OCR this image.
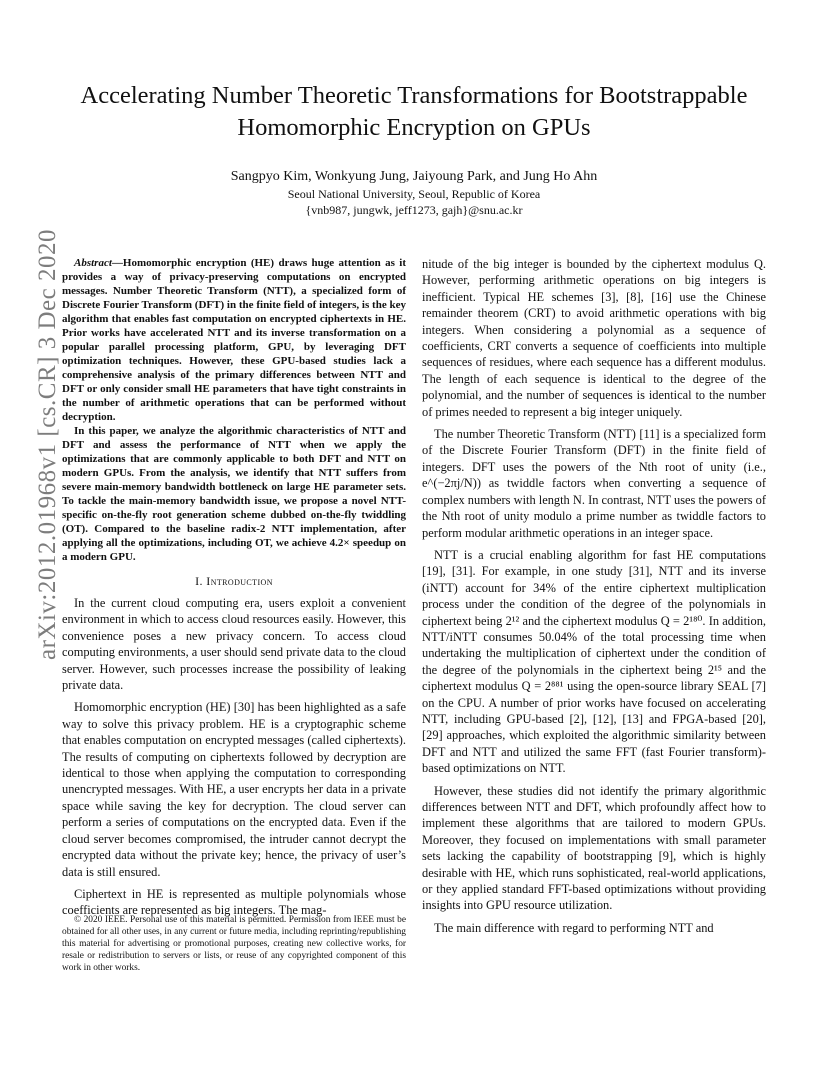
arXiv:2012.01968v1 [cs.CR] 3 Dec 2020
Accelerating Number Theoretic Transformations for Bootstrappable Homomorphic Encryption on GPUs
Sangpyo Kim, Wonkyung Jung, Jaiyoung Park, and Jung Ho Ahn
Seoul National University, Seoul, Republic of Korea
{vnb987, jungwk, jeff1273, gajh}@snu.ac.kr

Abstract—Homomorphic encryption (HE) draws huge attention as it provides a way of privacy-preserving computations on encrypted messages. Number Theoretic Transform (NTT), a specialized form of Discrete Fourier Transform (DFT) in the finite field of integers, is the key algorithm that enables fast computation on encrypted ciphertexts in HE. Prior works have accelerated NTT and its inverse transformation on a popular parallel processing platform, GPU, by leveraging DFT optimization techniques. However, these GPU-based studies lack a comprehensive analysis of the primary differences between NTT and DFT or only consider small HE parameters that have tight constraints in the number of arithmetic operations that can be performed without decryption.

In this paper, we analyze the algorithmic characteristics of NTT and DFT and assess the performance of NTT when we apply the optimizations that are commonly applicable to both DFT and NTT on modern GPUs. From the analysis, we identify that NTT suffers from severe main-memory bandwidth bottleneck on large HE parameter sets. To tackle the main-memory bandwidth issue, we propose a novel NTT-specific on-the-fly root generation scheme dubbed on-the-fly twiddling (OT). Compared to the baseline radix-2 NTT implementation, after applying all the optimizations, including OT, we achieve 4.2× speedup on a modern GPU.

I. Introduction

In the current cloud computing era, users exploit a convenient environment in which to access cloud resources easily. However, this convenience poses a new privacy concern. To access cloud computing environments, a user should send private data to the cloud server. However, such processes increase the possibility of leaking private data.

Homomorphic encryption (HE) [30] has been highlighted as a safe way to solve this privacy problem. HE is a cryptographic scheme that enables computation on encrypted messages (called ciphertexts). The results of computing on ciphertexts followed by decryption are identical to those when applying the computation to corresponding unencrypted messages. With HE, a user encrypts her data in a private space while saving the key for decryption. The cloud server can perform a series of computations on the encrypted data. Even if the cloud server becomes compromised, the intruder cannot decrypt the encrypted data without the private key; hence, the privacy of user’s data is still ensured.

Ciphertext in HE is represented as multiple polynomials whose coefficients are represented as big integers. The mag-

© 2020 IEEE. Personal use of this material is permitted. Permission from IEEE must be obtained for all other uses, in any current or future media, including reprinting/republishing this material for advertising or promotional purposes, creating new collective works, for resale or redistribution to servers or lists, or reuse of any copyrighted component of this work in other works.

nitude of the big integer is bounded by the ciphertext modulus Q. However, performing arithmetic operations on big integers is inefficient. Typical HE schemes [3], [8], [16] use the Chinese remainder theorem (CRT) to avoid arithmetic operations with big integers. When considering a polynomial as a sequence of coefficients, CRT converts a sequence of coefficients into multiple sequences of residues, where each sequence has a different modulus. The length of each sequence is identical to the degree of the polynomial, and the number of sequences is identical to the number of primes needed to represent a big integer uniquely.

The number Theoretic Transform (NTT) [11] is a specialized form of the Discrete Fourier Transform (DFT) in the finite field of integers. DFT uses the powers of the Nth root of unity (i.e., e^(−2πj/N)) as twiddle factors when converting a sequence of complex numbers with length N. In contrast, NTT uses the powers of the Nth root of unity modulo a prime number as twiddle factors to perform modular arithmetic operations in an integer space.

NTT is a crucial enabling algorithm for fast HE computations [19], [31]. For example, in one study [31], NTT and its inverse (iNTT) account for 34% of the entire ciphertext multiplication process under the condition of the degree of the polynomials in ciphertext being 2¹² and the ciphertext modulus Q = 2¹⁸⁰. In addition, NTT/iNTT consumes 50.04% of the total processing time when undertaking the multiplication of ciphertext under the condition of the degree of the polynomials in the ciphertext being 2¹⁵ and the ciphertext modulus Q = 2⁸⁸¹ using the open-source library SEAL [7] on the CPU. A number of prior works have focused on accelerating NTT, including GPU-based [2], [12], [13] and FPGA-based [20], [29] approaches, which exploited the algorithmic similarity between DFT and NTT and utilized the same FFT (fast Fourier transform)-based optimizations on NTT.

However, these studies did not identify the primary algorithmic differences between NTT and DFT, which profoundly affect how to implement these algorithms that are tailored to modern GPUs. Moreover, they focused on implementations with small parameter sets lacking the capability of bootstrapping [9], which is highly desirable with HE, which runs sophisticated, real-world applications, or they applied standard FFT-based optimizations without providing insights into GPU resource utilization.

The main difference with regard to performing NTT and
